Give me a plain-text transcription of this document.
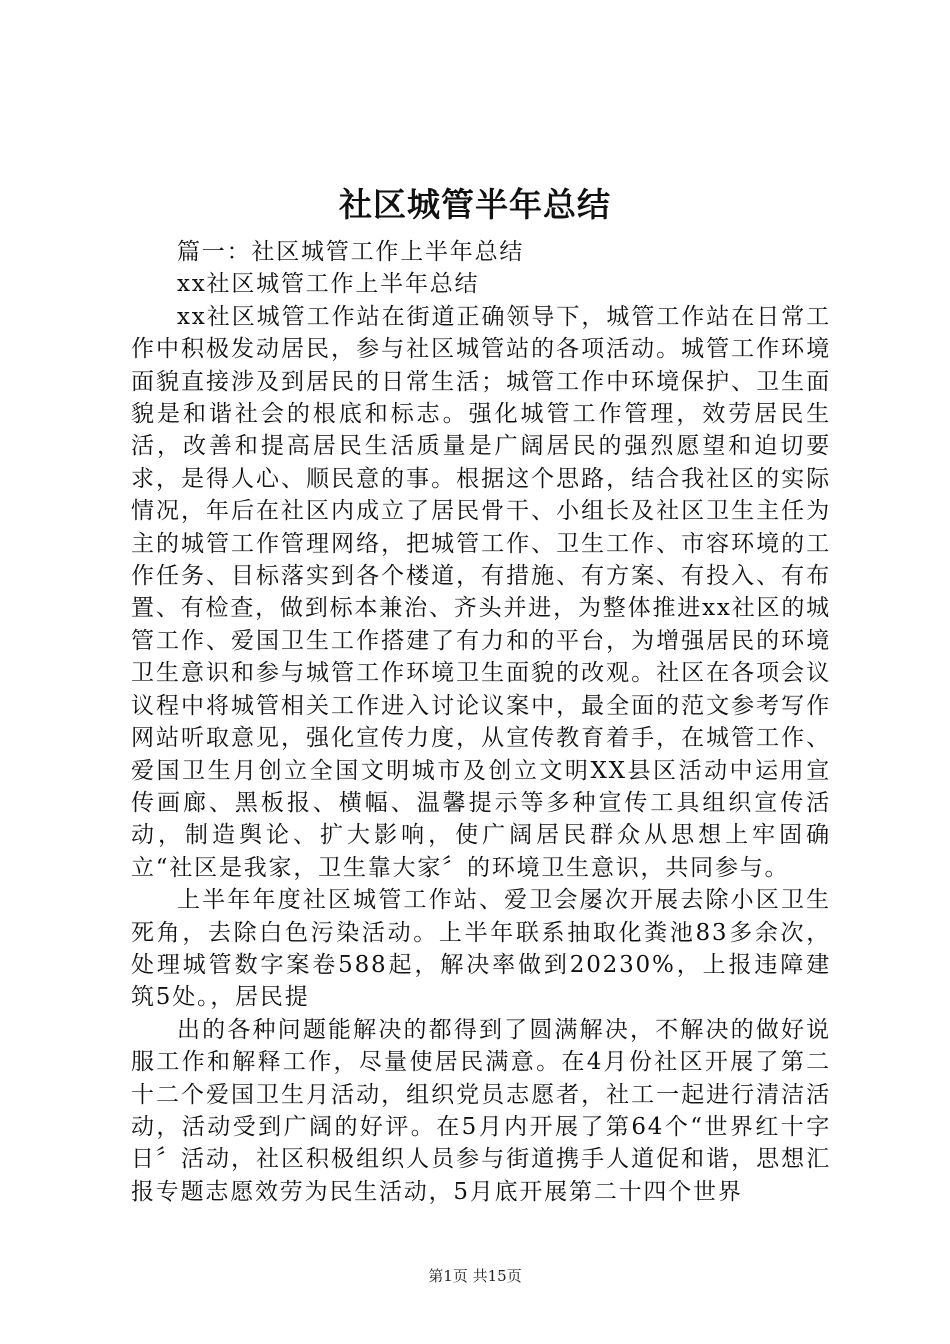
社区城管半年总结

篇一：社区城管工作上半年总结

xx社区城管工作上半年总结

xx社区城管工作站在街道正确领导下，城管工作站在日常工作中积极发动居民，参与社区城管站的各项活动。城管工作环境面貌直接涉及到居民的日常生活；城管工作中环境保护、卫生面貌是和谐社会的根底和标志。强化城管工作管理，效劳居民生活，改善和提高居民生活质量是广阔居民的强烈愿望和迫切要求，是得人心、顺民意的事。根据这个思路，结合我社区的实际情况，年后在社区内成立了居民骨干、小组长及社区卫生主任为主的城管工作管理网络，把城管工作、卫生工作、市容环境的工作任务、目标落实到各个楼道，有措施、有方案、有投入、有布置、有检查，做到标本兼治、齐头并进，为整体推进xx社区的城管工作、爱国卫生工作搭建了有力和的平台，为增强居民的环境卫生意识和参与城管工作环境卫生面貌的改观。社区在各项会议议程中将城管相关工作进入讨论议案中，最全面的范文参考写作网站听取意见，强化宣传力度，从宣传教育着手，在城管工作、爱国卫生月创立全国文明城市及创立文明XX县区活动中运用宣传画廊、黑板报、横幅、温馨提示等多种宣传工具组织宣传活动，制造舆论、扩大影响，使广阔居民群众从思想上牢固确立“社区是我家，卫生靠大家〞的环境卫生意识，共同参与。

上半年年度社区城管工作站、爱卫会屡次开展去除小区卫生死角，去除白色污染活动。上半年联系抽取化粪池83多余次，处理城管数字案卷588起，解决率做到20230%，上报违障建筑5处。，居民提

出的各种问题能解决的都得到了圆满解决，不解决的做好说服工作和解释工作，尽量使居民满意。在4月份社区开展了第二十二个爱国卫生月活动，组织党员志愿者，社工一起进行清洁活动，活动受到广阔的好评。在5月内开展了第64个“世界红十字日〞活动，社区积极组织人员参与街道携手人道促和谐，思想汇报专题志愿效劳为民生活动，5月底开展第二十四个世界

第1页 共15页
